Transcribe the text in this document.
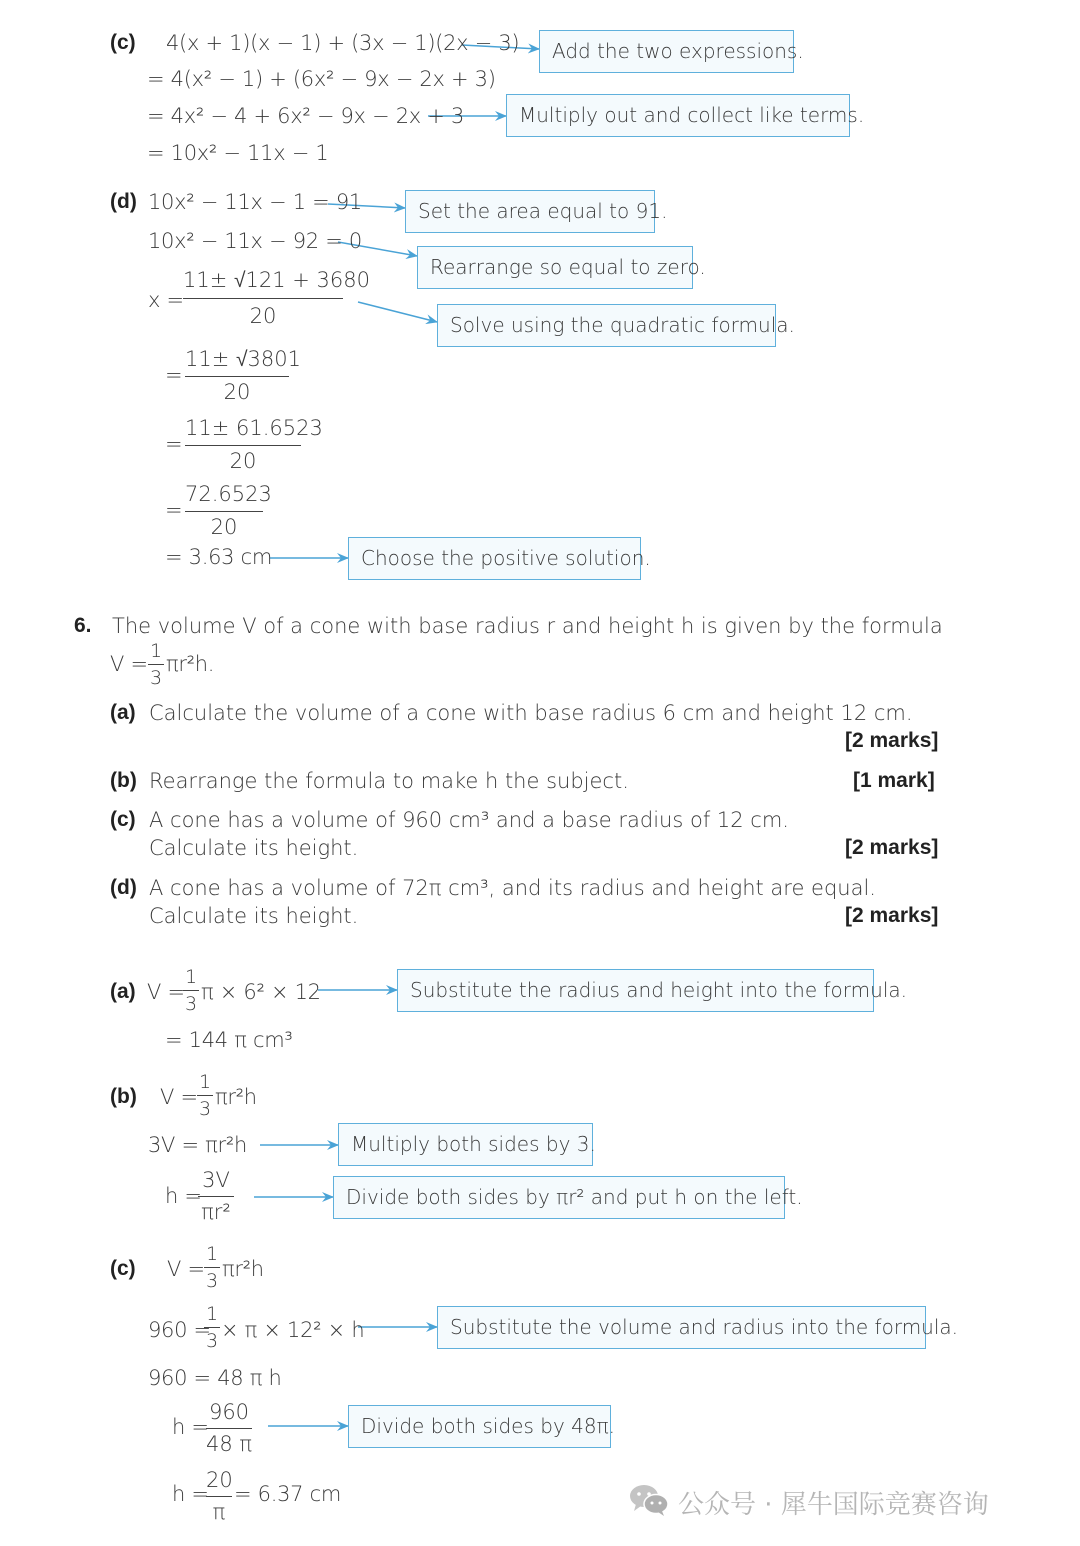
(c) 4(x + 1)(x − 1) + (3x − 1)(2x − 3)
= 4(x² − 1) + (6x² − 9x − 2x + 3)
= 4x² − 4 + 6x² − 9x − 2x + 3
= 10x² − 11x − 1
Add the two expressions.
Multiply out and collect like terms.
(d) 10x² − 11x − 1 = 91
10x² − 11x − 92 = 0
x =
11± √121 + 3680
20
=
11± √3801
20
=
11± 61.6523
20
=
72.6523
20
= 3.63 cm
Set the area equal to 91.
Rearrange so equal to zero.
Solve using the quadratic formula.
Choose the positive solution.
6. The volume V of a cone with base radius r and height h is given by the formula
V =
1
3
πr²h.
(a) Calculate the volume of a cone with base radius 6 cm and height 12 cm.
[2 marks]
(b) Rearrange the formula to make h the subject.	[1 mark]
(c) A cone has a volume of 960 cm³ and a base radius of 12 cm.
Calculate its height.	[2 marks]
(d) A cone has a volume of 72π cm³, and its radius and height are equal.
Calculate its height.	[2 marks]
(a) V =
1
3 π × 6² × 12
= 144 π cm³
Substitute the radius and height into the formula.
(b) V =
1
3 πr²h
3V = πr²h
h =
3V
πr²
Multiply both sides by 3.
Divide both sides by πr² and put h on the left.
(c) V =
1
3 πr²h
960 =
1
3 × π × 12² × h
960 = 48 π h
h =
960
48 π
h =
20
π
= 6.37 cm
Substitute the volume and radius into the formula.
Divide both sides by 48π.
公众号 · 犀牛国际竞赛咨询
